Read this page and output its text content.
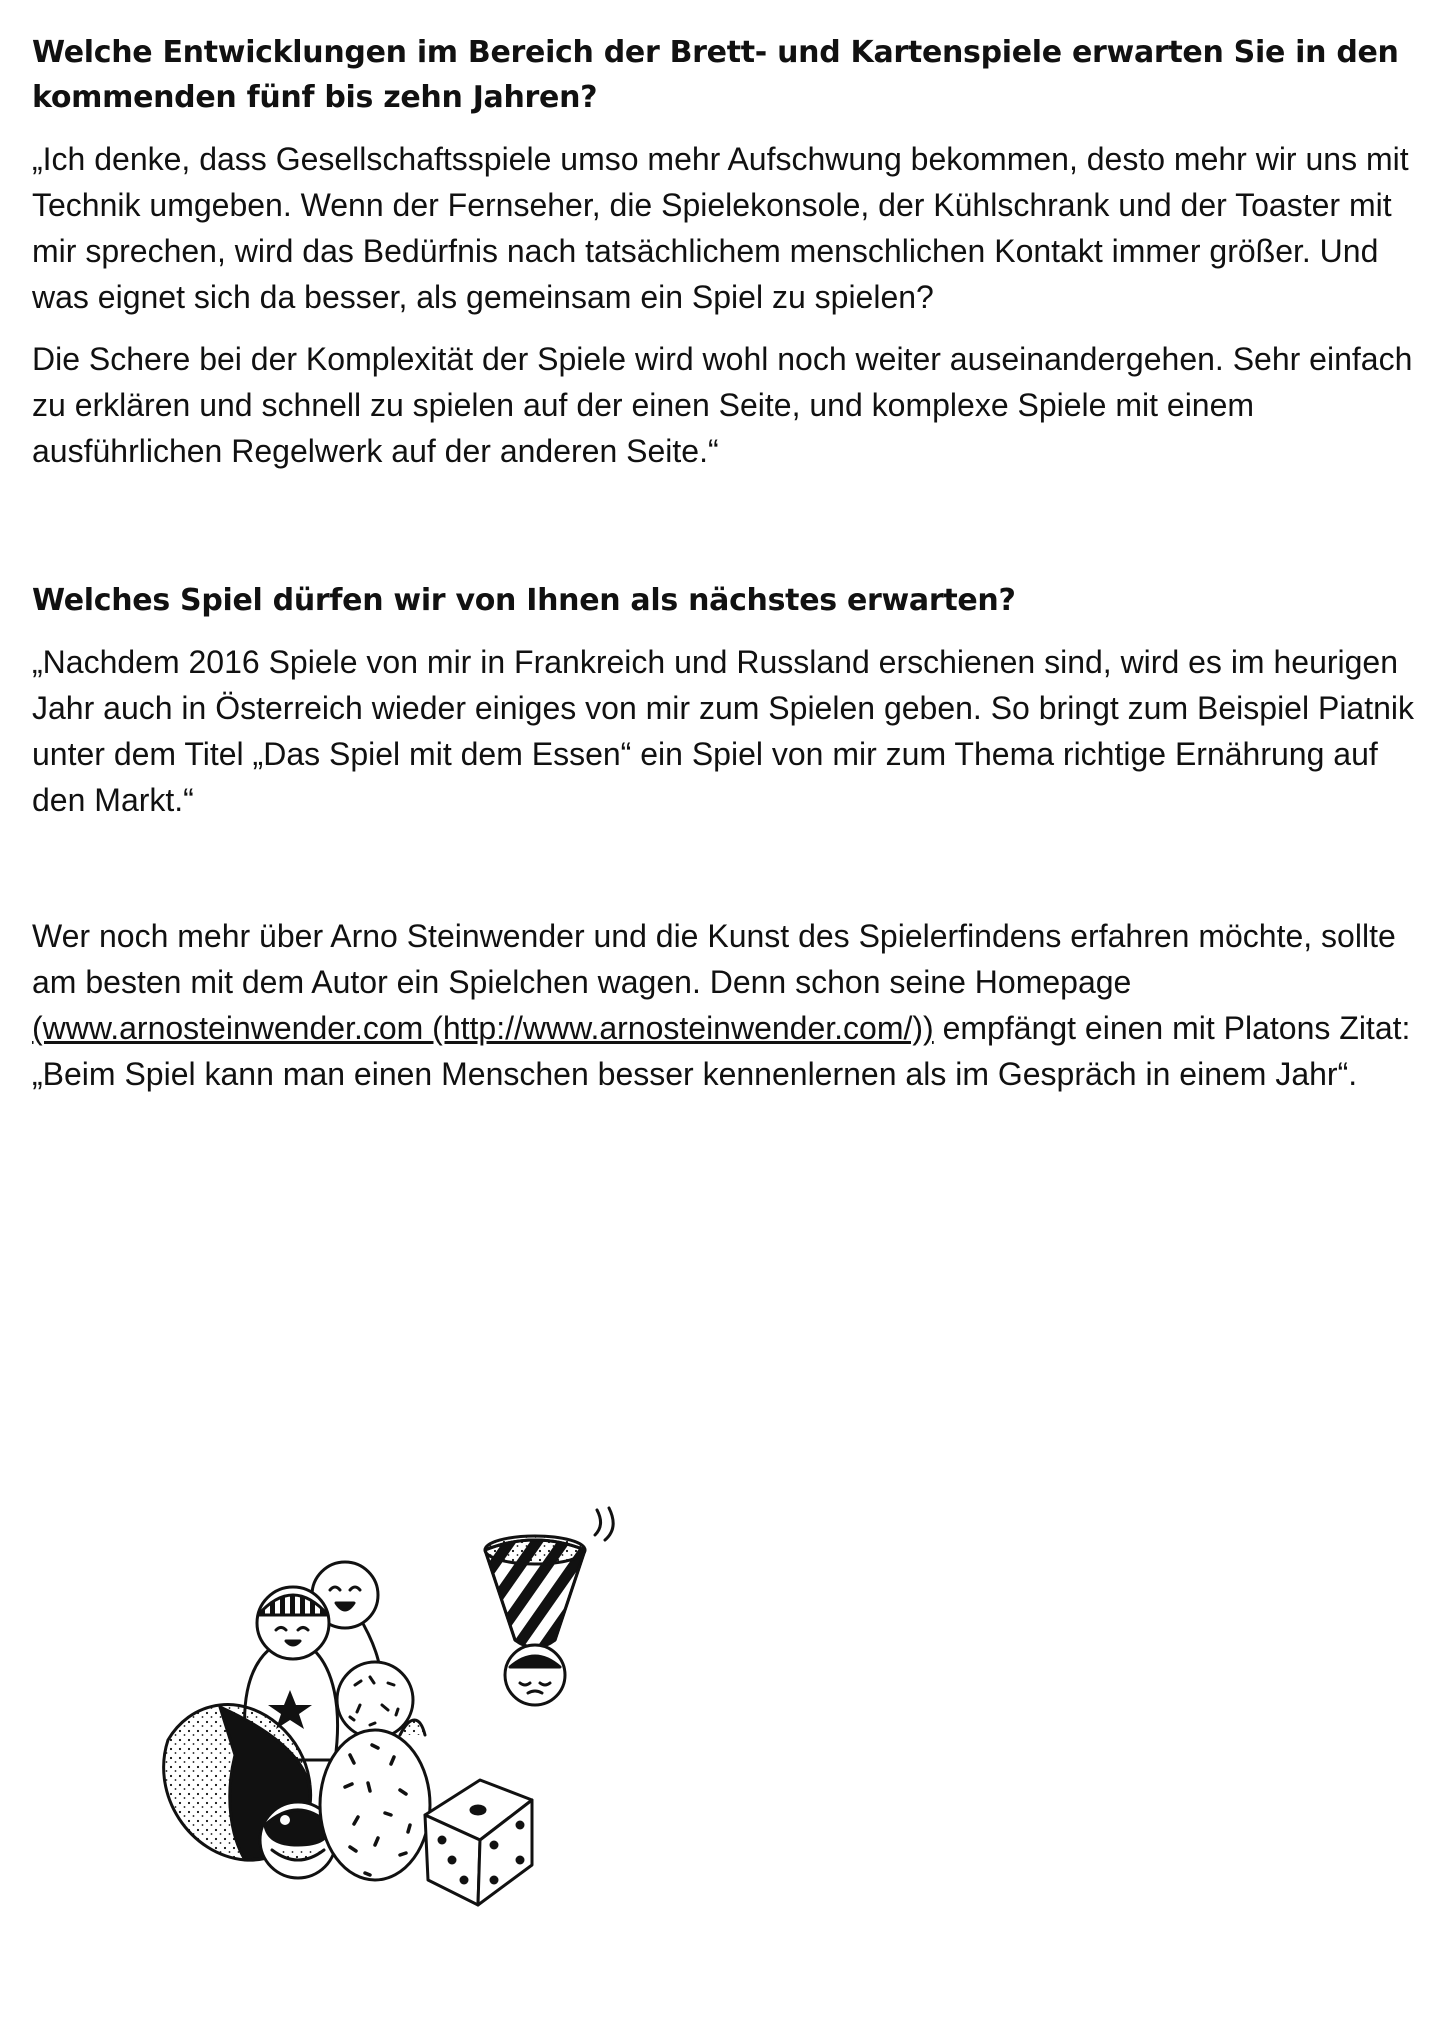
Welche Entwicklungen im Bereich der Brett- und Kartenspiele erwarten Sie in den kommenden fünf bis zehn Jahren?

„Ich denke, dass Gesellschaftsspiele umso mehr Aufschwung bekommen, desto mehr wir uns mit Technik umgeben. Wenn der Fernseher, die Spielekonsole, der Kühlschrank und der Toaster mit mir sprechen, wird das Bedürfnis nach tatsächlichem menschlichen Kontakt immer größer. Und was eignet sich da besser, als gemeinsam ein Spiel zu spielen?

Die Schere bei der Komplexität der Spiele wird wohl noch weiter auseinandergehen. Sehr einfach zu erklären und schnell zu spielen auf der einen Seite, und komplexe Spiele mit einem ausführlichen Regelwerk auf der anderen Seite.“

Welches Spiel dürfen wir von Ihnen als nächstes erwarten?

„Nachdem 2016 Spiele von mir in Frankreich und Russland erschienen sind, wird es im heurigen Jahr auch in Österreich wieder einiges von mir zum Spielen geben. So bringt zum Beispiel Piatnik unter dem Titel „Das Spiel mit dem Essen“ ein Spiel von mir zum Thema richtige Ernährung auf den Markt.“

Wer noch mehr über Arno Steinwender und die Kunst des Spielerfindens erfahren möchte, sollte am besten mit dem Autor ein Spielchen wagen. Denn schon seine Homepage (www.arnosteinwender.com (http://www.arnosteinwender.com/)) empfängt einen mit Platons Zitat: „Beim Spiel kann man einen Menschen besser kennenlernen als im Gespräch in einem Jahr“.
